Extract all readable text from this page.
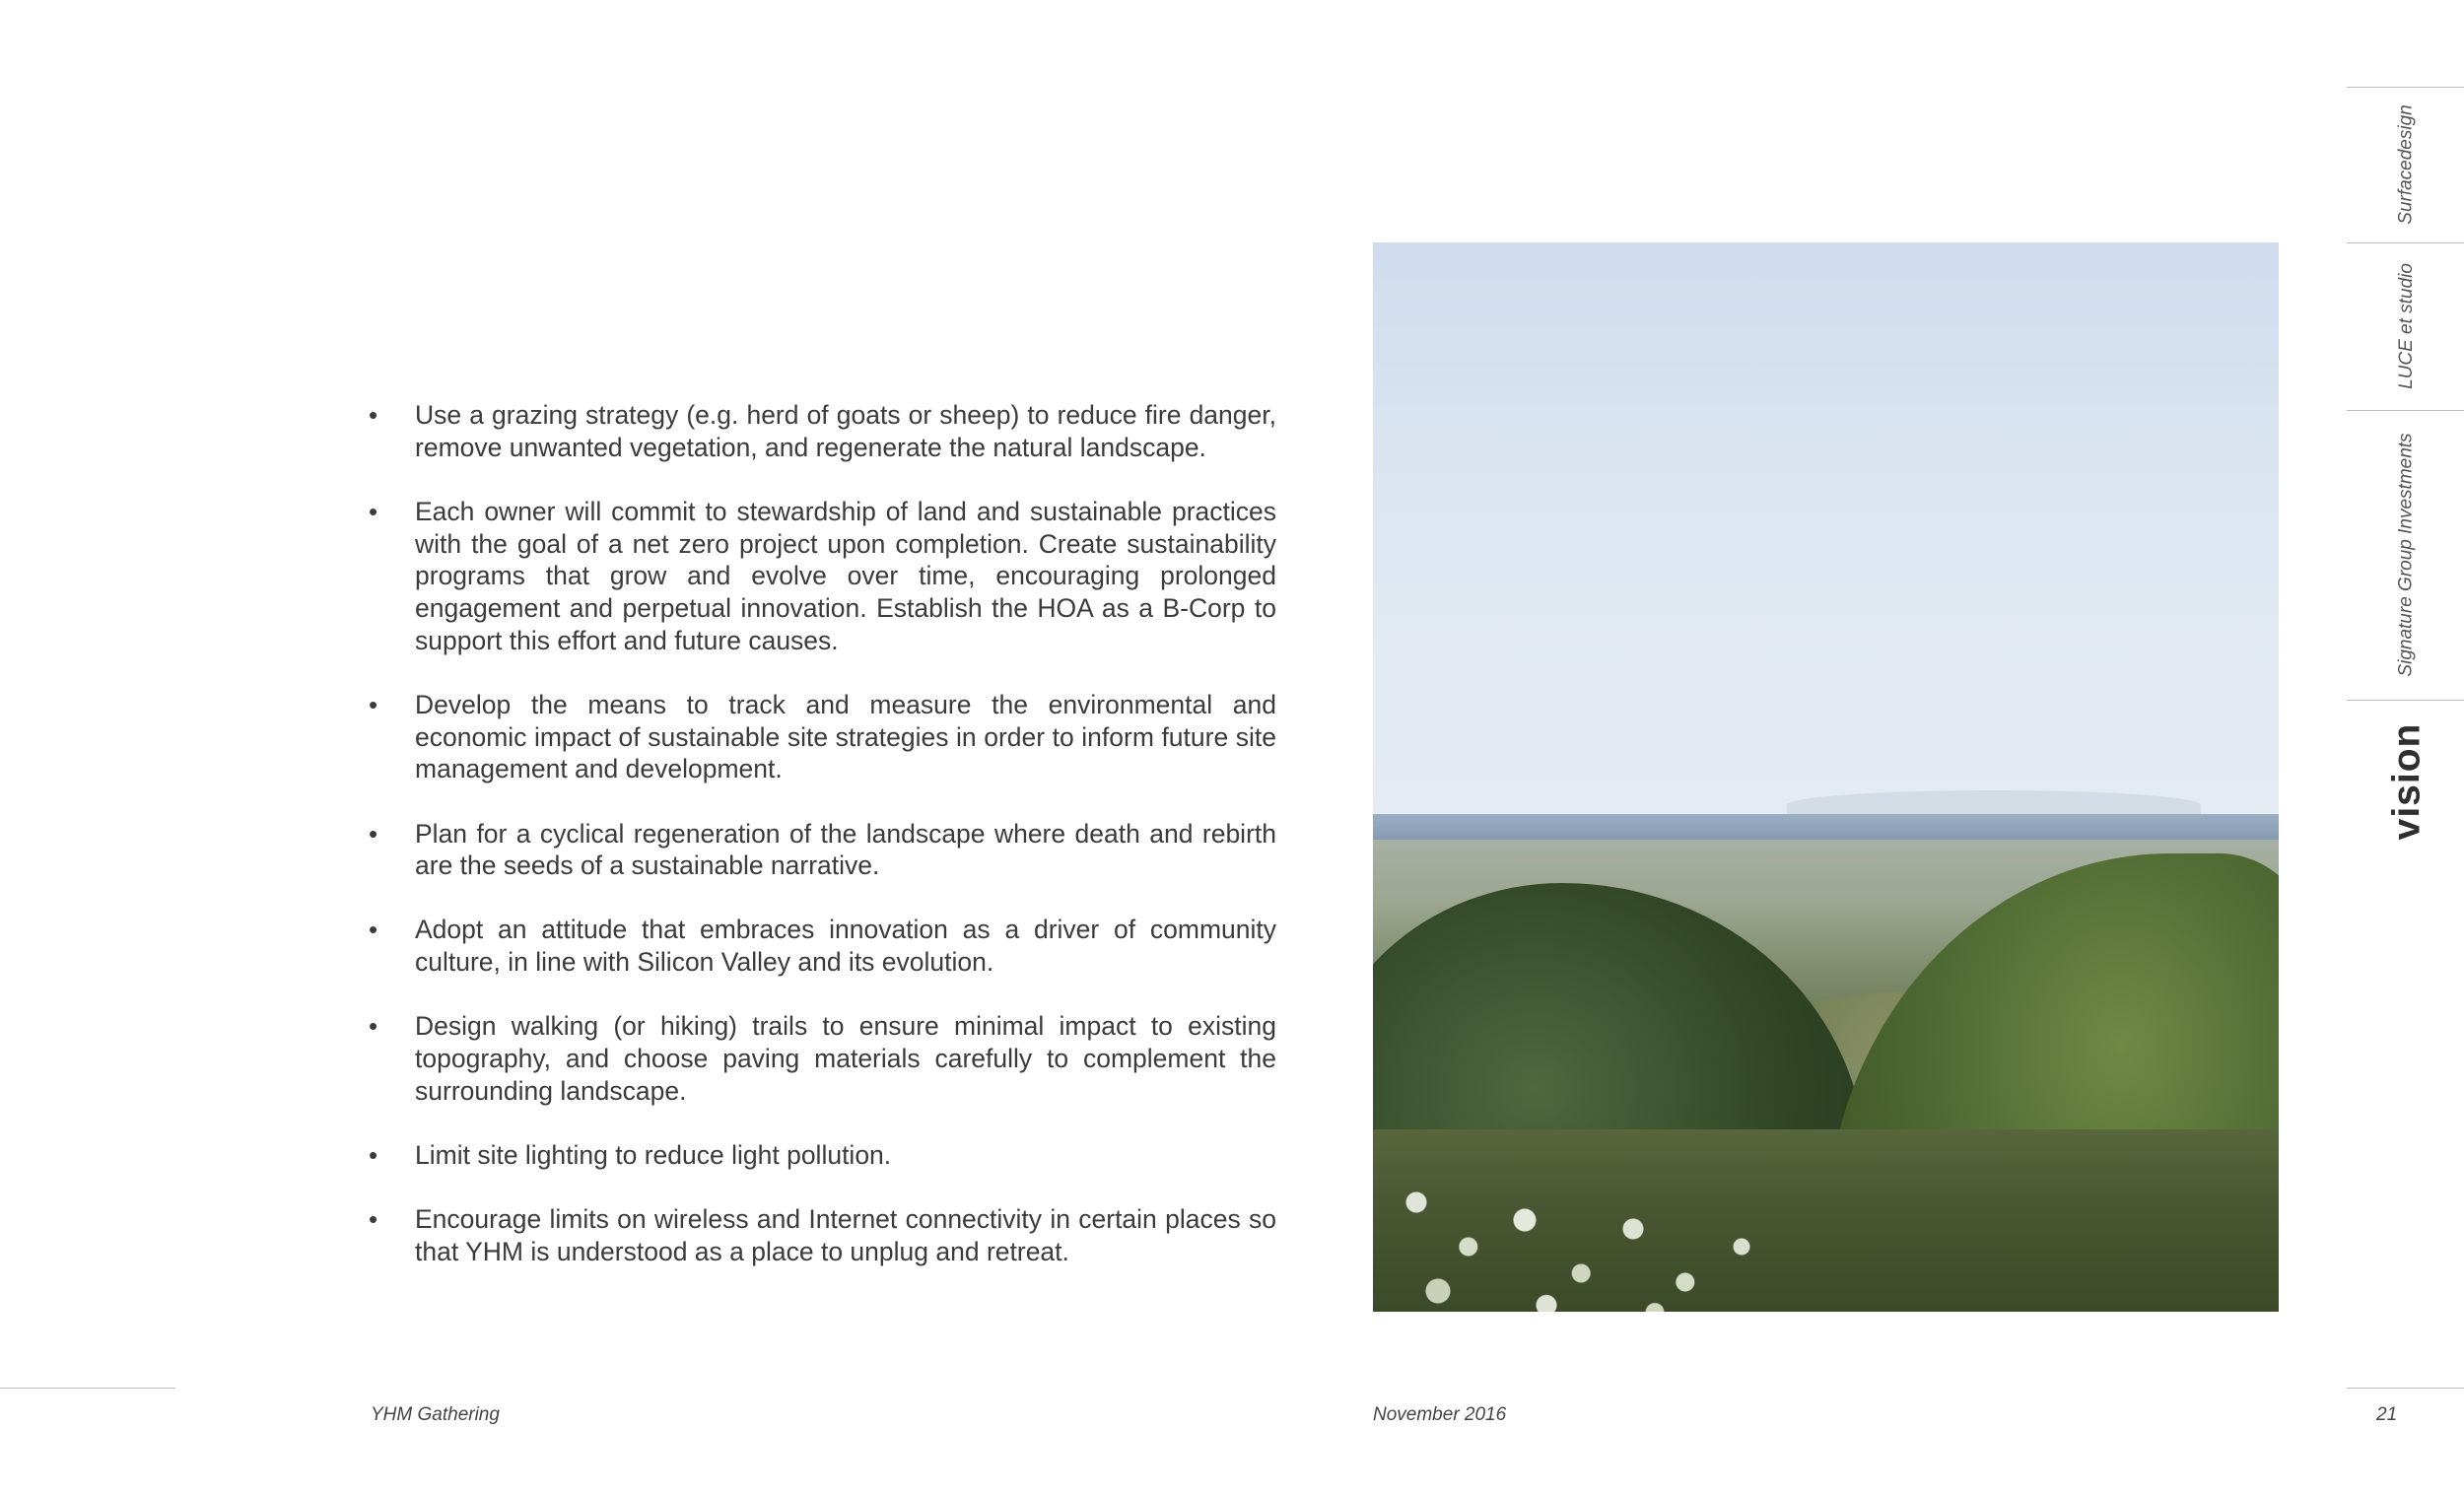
• Use a grazing strategy (e.g. herd of goats or sheep) to reduce fire danger, remove unwanted vegetation, and regenerate the natural landscape.
• Each owner will commit to stewardship of land and sustainable practices with the goal of a net zero project upon completion. Create sustainability programs that grow and evolve over time, encouraging prolonged engagement and perpetual innovation. Establish the HOA as a B-Corp to support this effort and future causes.
• Develop the means to track and measure the environmental and economic impact of sustainable site strategies in order to inform future site management and development.
• Plan for a cyclical regeneration of the landscape where death and rebirth are the seeds of a sustainable narrative.
• Adopt an attitude that embraces innovation as a driver of community culture, in line with Silicon Valley and its evolution.
• Design walking (or hiking) trails to ensure minimal impact to existing topography, and choose paving materials carefully to complement the surrounding landscape.
• Limit site lighting to reduce light pollution.
• Encourage limits on wireless and Internet connectivity in certain places so that YHM is understood as a place to unplug and retreat.
Surfacedesign
LUCE et studio
Signature Group Investments
vision
YHM Gathering	November 2016	21
